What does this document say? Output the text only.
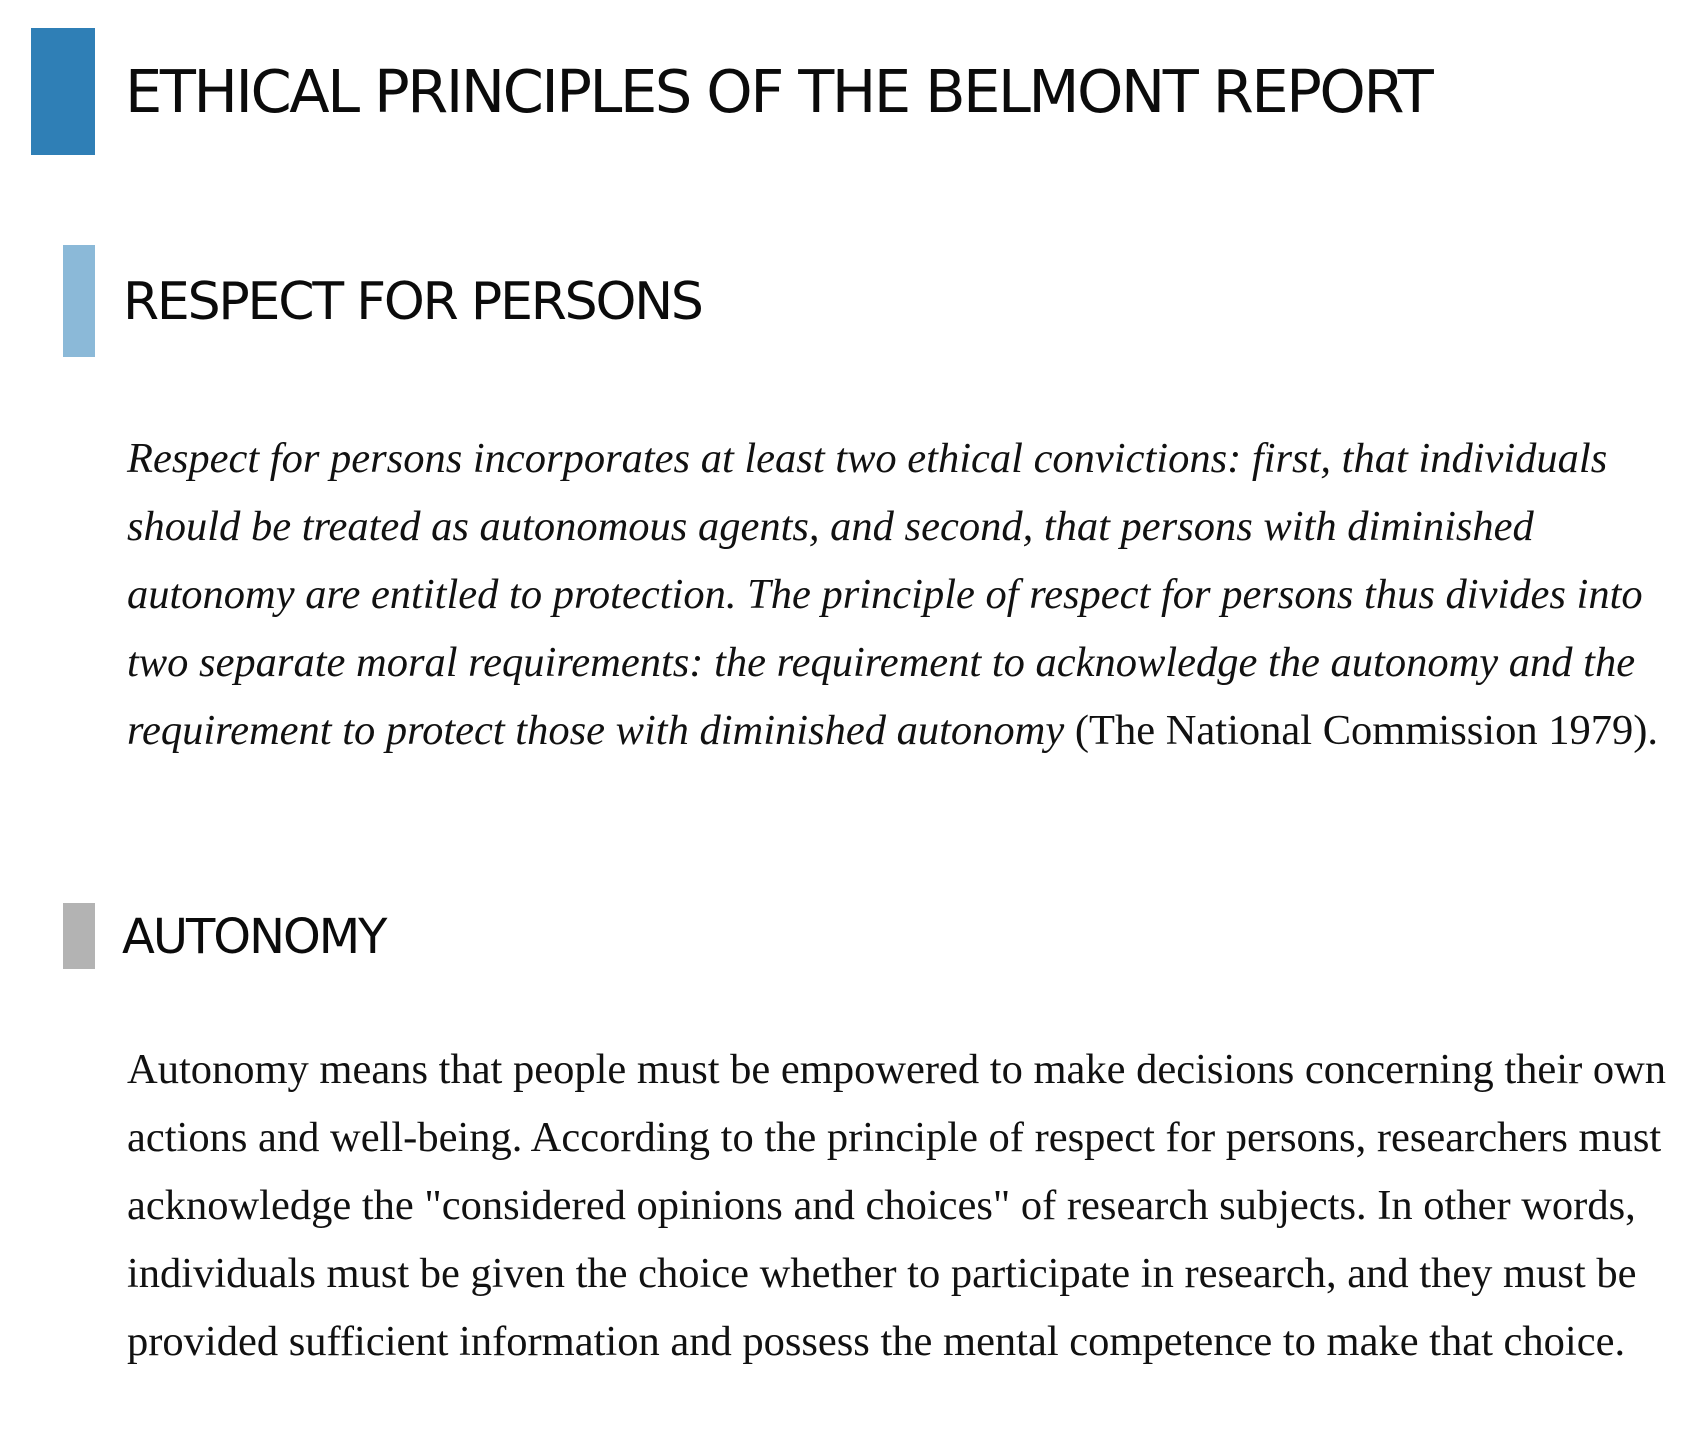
ETHICAL PRINCIPLES OF THE BELMONT REPORT
RESPECT FOR PERSONS

Respect for persons incorporates at least two ethical convictions: first, that individuals should be treated as autonomous agents, and second, that persons with diminished autonomy are entitled to protection. The principle of respect for persons thus divides into two separate moral requirements: the requirement to acknowledge the autonomy and the requirement to protect those with diminished autonomy (The National Commission 1979).

AUTONOMY

Autonomy means that people must be empowered to make decisions concerning their own actions and well-being. According to the principle of respect for persons, researchers must acknowledge the "considered opinions and choices" of research subjects. In other words, individuals must be given the choice whether to participate in research, and they must be provided sufficient information and possess the mental competence to make that choice.
